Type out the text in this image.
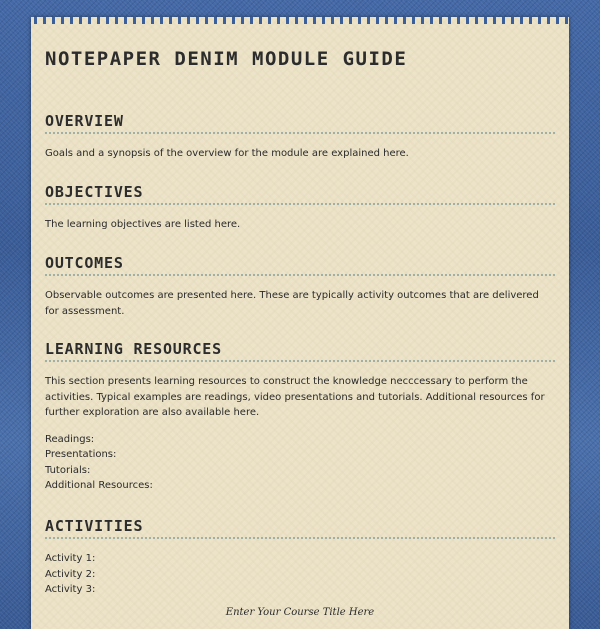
NOTEPAPER DENIM MODULE GUIDE
OVERVIEW

Goals and a synopsis of the overview for the module are explained here.

OBJECTIVES

The learning objectives are listed here.

OUTCOMES

Observable outcomes are presented here. These are typically activity outcomes that are delivered for assessment.

LEARNING RESOURCES

This section presents learning resources to construct the knowledge necccessary to perform the activities. Typical examples are readings, video presentations and tutorials. Additional resources for further exploration are also available here.

Readings:
Presentations:
Tutorials:
Additional Resources:
ACTIVITIES
Activity 1:
Activity 2:
Activity 3:
Enter Your Course Title Here
